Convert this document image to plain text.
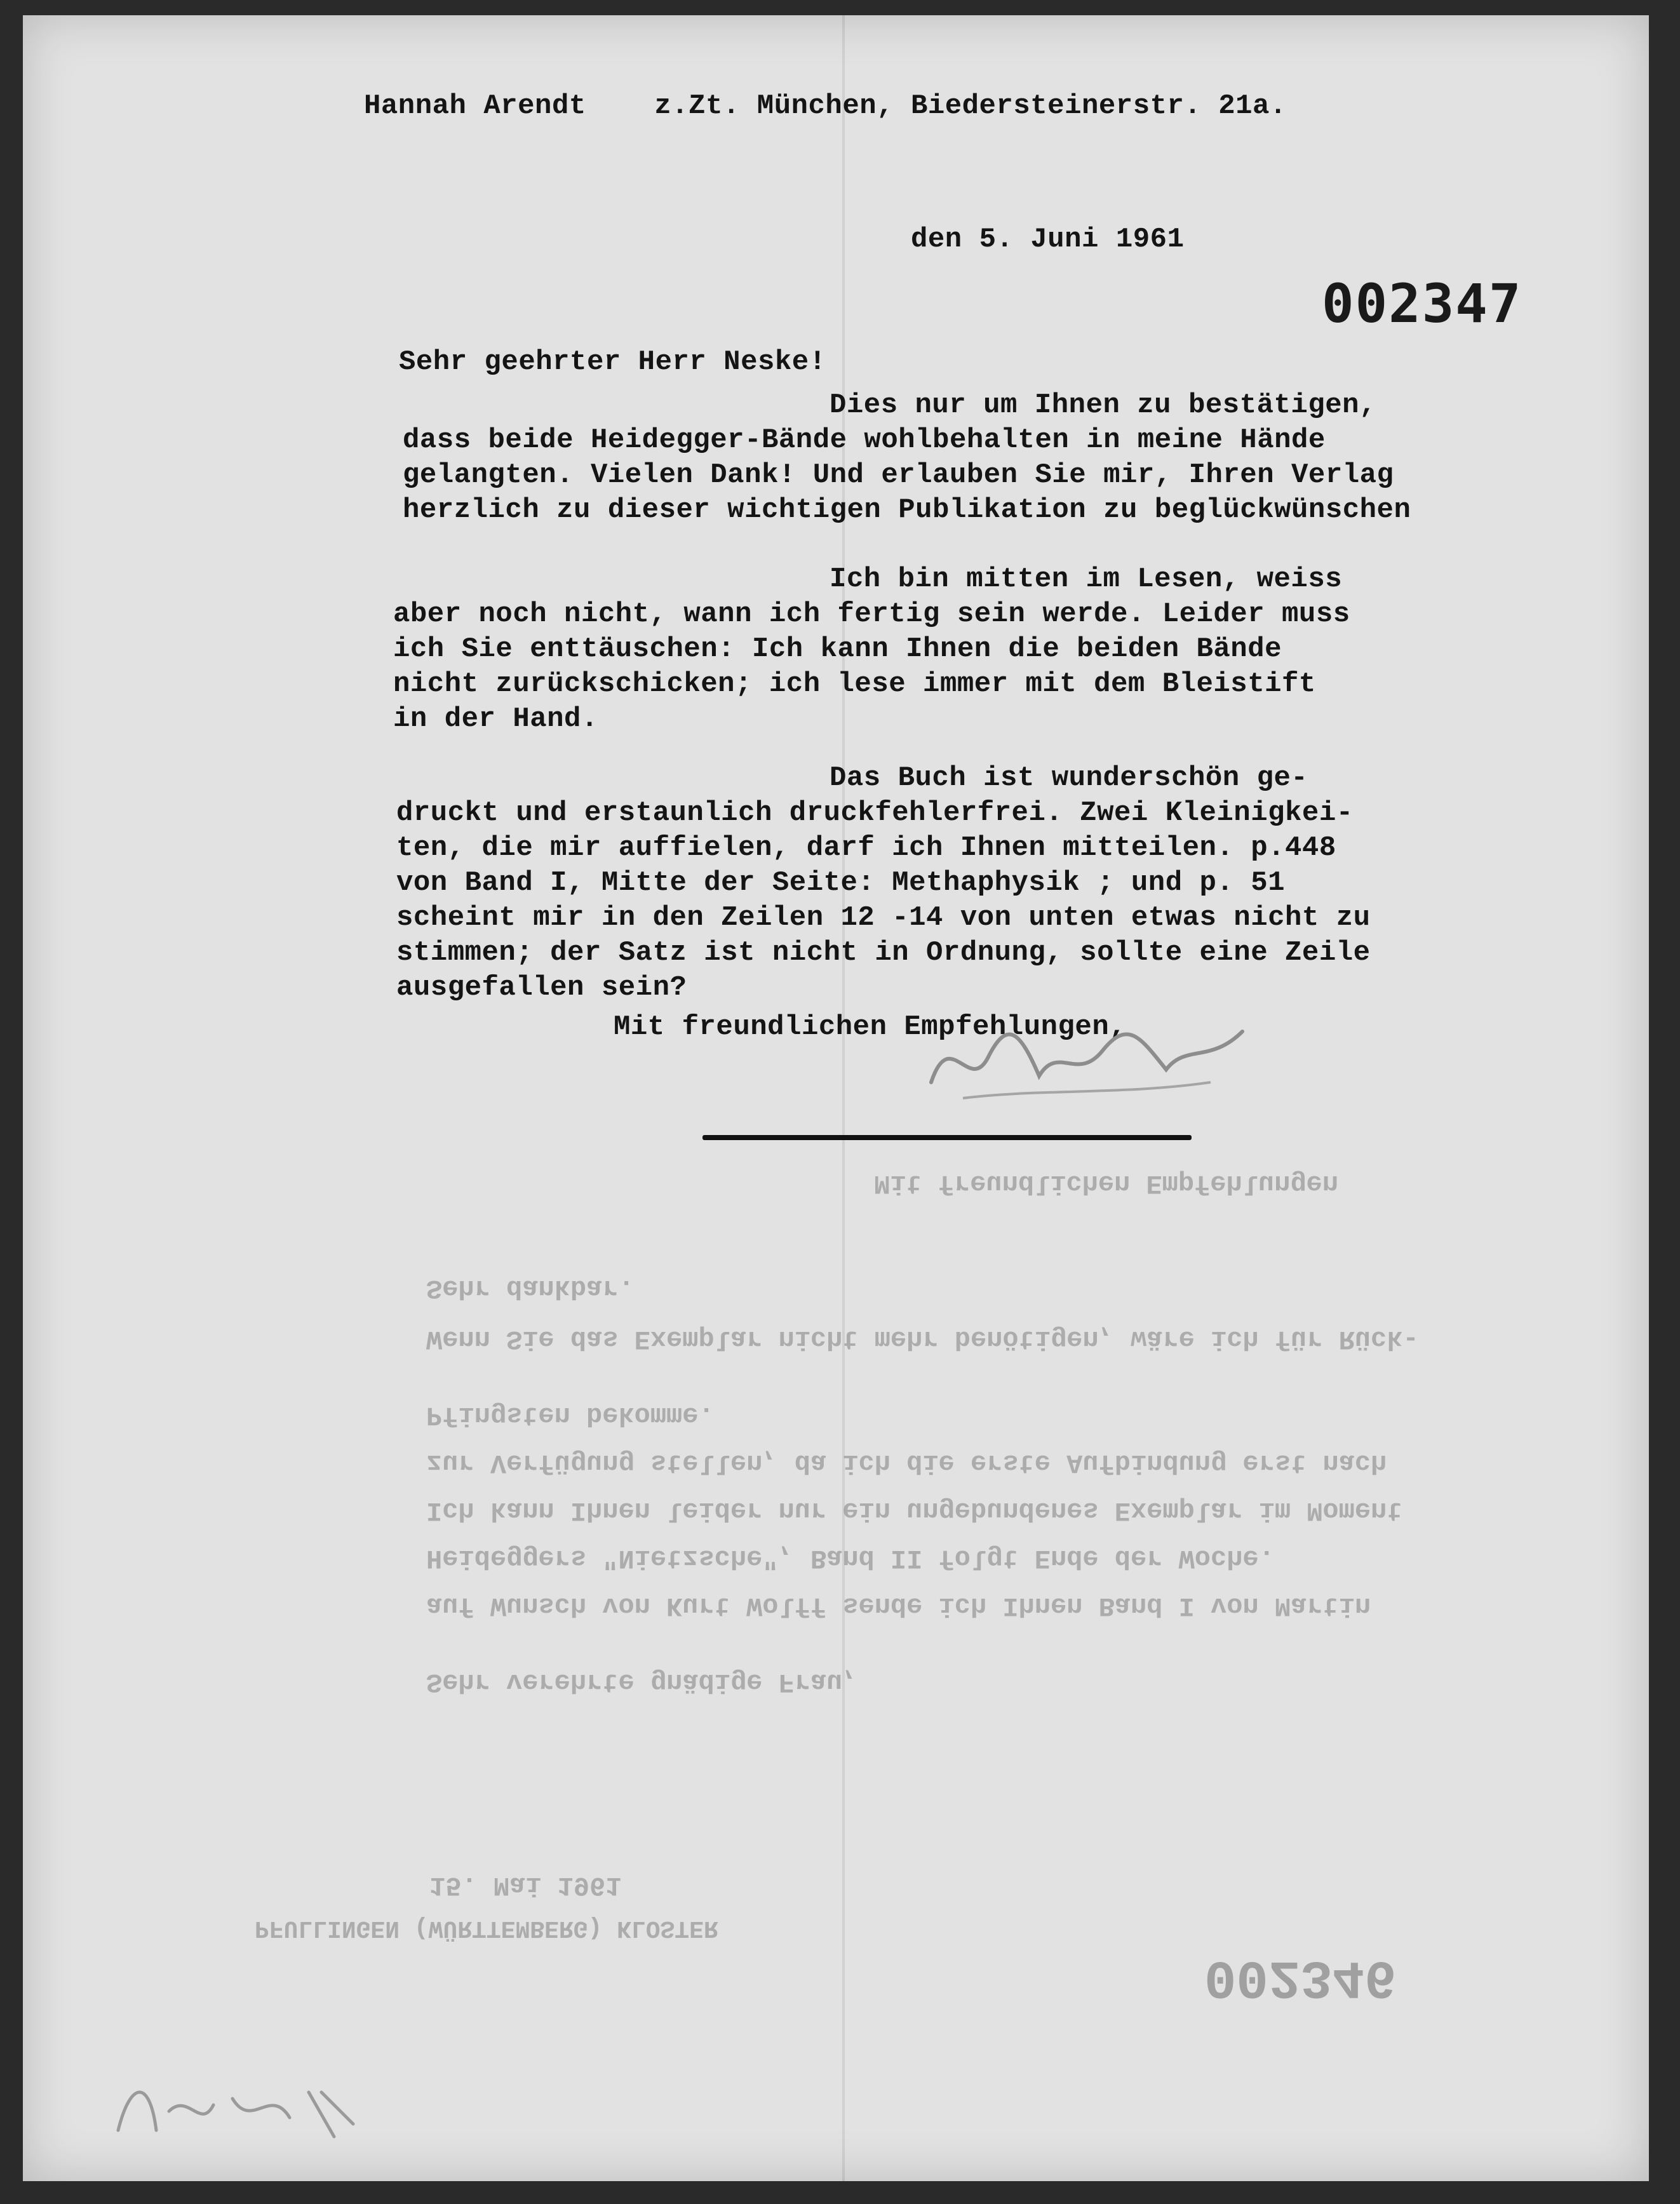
Mit freundlichen Empfehlungen
Sehr dankbar.
Wenn Sie das Exemplar nicht mehr benötigen, wäre ich für Rück-
Pfingsten bekomme.
zur Verfügung stellen, da ich die erste Aufbindung erst nach
Ich kann Ihnen leider nur ein ungebundenes Exemplar im Moment
Heideggers "Nietzsche", Band II folgt Ende der Woche.
auf Wunsch von Kurt Wolff sende ich Ihnen Band I von Martin
Sehr verehrte gnädige Frau,
15. Mai 1961
PFULLINGEN (WÜRTTEMBERG) KLOSTER
002346
Hannah Arendt    z.Zt. München, Biedersteinerstr. 21a.
den 5. Juni 1961
002347
Sehr geehrter Herr Neske!
Dies nur um Ihnen zu bestätigen,
dass beide Heidegger-Bände wohlbehalten in meine Hände
gelangten. Vielen Dank! Und erlauben Sie mir, Ihren Verlag
herzlich zu dieser wichtigen Publikation zu beglückwünschen
Ich bin mitten im Lesen, weiss
aber noch nicht, wann ich fertig sein werde. Leider muss
ich Sie enttäuschen: Ich kann Ihnen die beiden Bände
nicht zurückschicken; ich lese immer mit dem Bleistift
in der Hand.
Das Buch ist wunderschön ge-
druckt und erstaunlich druckfehlerfrei. Zwei Kleinigkei-
ten, die mir auffielen, darf ich Ihnen mitteilen. p.448
von Band I, Mitte der Seite: Methaphysik ; und p. 51
scheint mir in den Zeilen 12 -14 von unten etwas nicht zu
stimmen; der Satz ist nicht in Ordnung, sollte eine Zeile
ausgefallen sein?
Mit freundlichen Empfehlungen,
